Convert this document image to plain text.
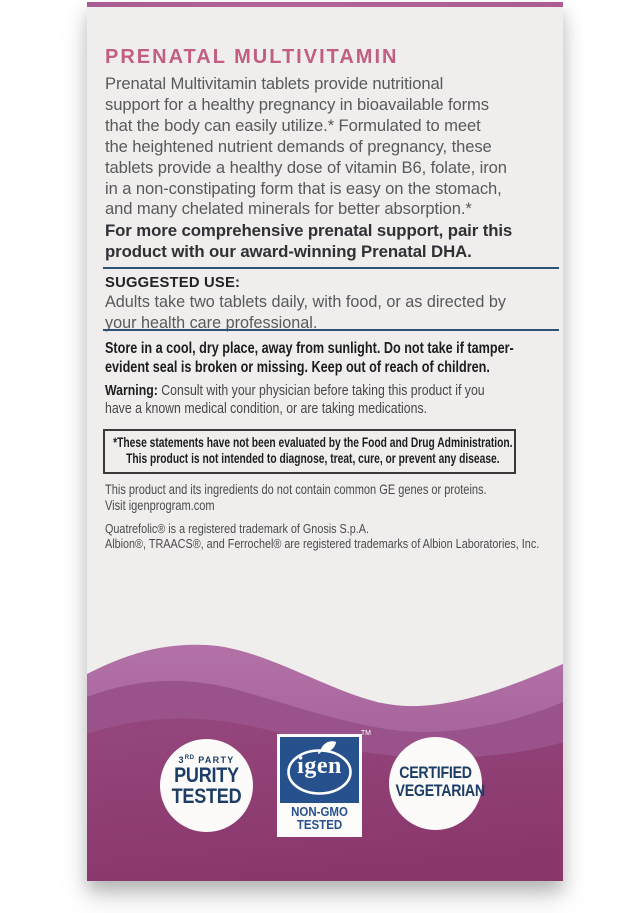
PRENATAL MULTIVITAMIN
Prenatal Multivitamin tablets provide nutritional
support for a healthy pregnancy in bioavailable forms
that the body can easily utilize.* Formulated to meet
the heightened nutrient demands of pregnancy, these
tablets provide a healthy dose of vitamin B6, folate, iron
in a non-constipating form that is easy on the stomach,
and many chelated minerals for better absorption.*
For more comprehensive prenatal support, pair this
product with our award-winning Prenatal DHA.
SUGGESTED USE:
Adults take two tablets daily, with food, or as directed by
your health care professional.
Store in a cool, dry place, away from sunlight. Do not take if tamper-
evident seal is broken or missing. Keep out of reach of children.
Warning: Consult with your physician before taking this product if you
have a known medical condition, or are taking medications.
*These statements have not been evaluated by the Food and Drug Administration.
This product is not intended to diagnose, treat, cure, or prevent any disease.
This product and its ingredients do not contain common GE genes or proteins.
Visit igenprogram.com
Quatrefolic® is a registered trademark of Gnosis S.p.A.
Albion®, TRAACS®, and Ferrochel® are registered trademarks of Albion Laboratories, Inc.
3RD PARTY
PURITY
TESTED
TM
igen
NON-GMO
TESTED
CERTIFIED
VEGETARIAN
